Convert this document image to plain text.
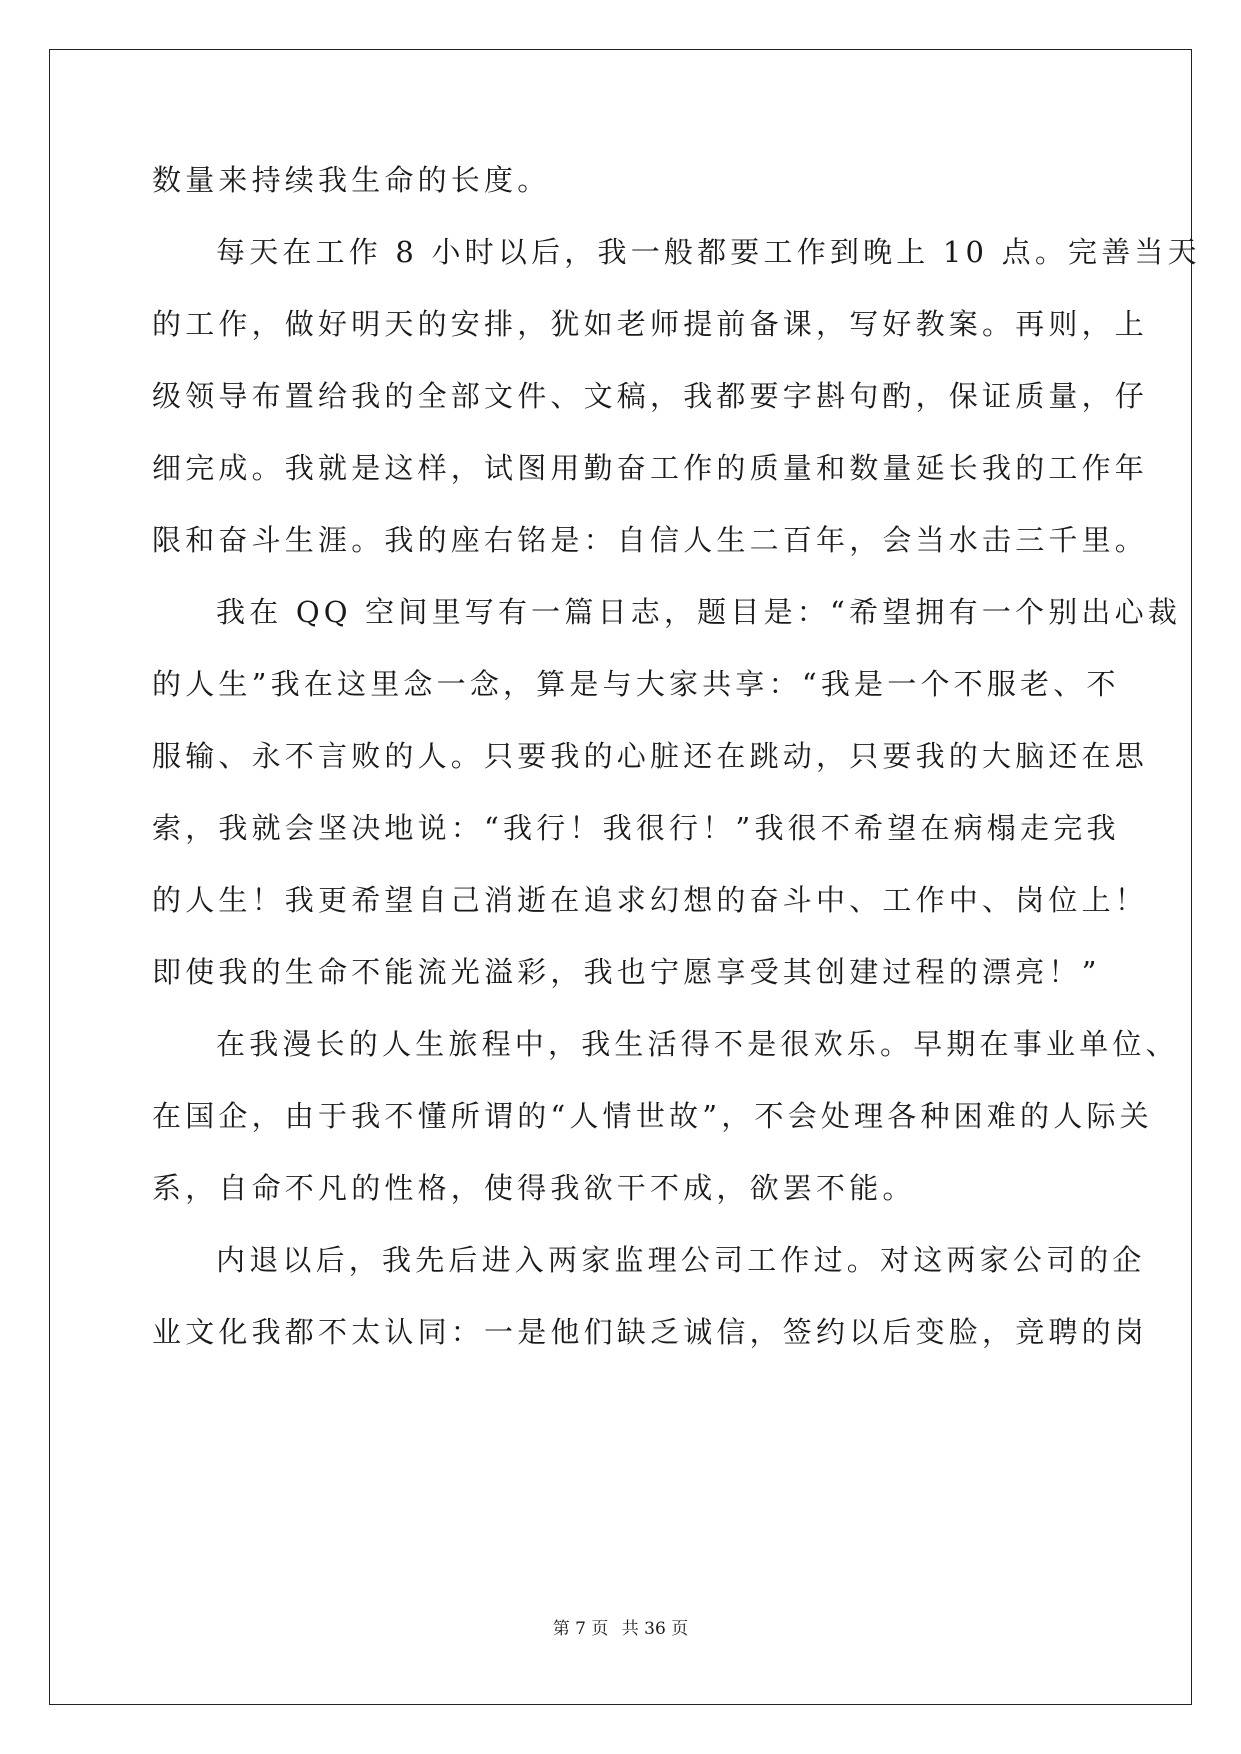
数量来持续我生命的长度。
每天在工作 8 小时以后，我一般都要工作到晚上 10 点。完善当天
的工作，做好明天的安排，犹如老师提前备课，写好教案。再则，上
级领导布置给我的全部文件、文稿，我都要字斟句酌，保证质量，仔
细完成。我就是这样，试图用勤奋工作的质量和数量延长我的工作年
限和奋斗生涯。我的座右铭是：自信人生二百年，会当水击三千里。
我在 QQ 空间里写有一篇日志，题目是：“希望拥有一个别出心裁
的人生”我在这里念一念，算是与大家共享：“我是一个不服老、不
服输、永不言败的人。只要我的心脏还在跳动，只要我的大脑还在思
索，我就会坚决地说：“我行！我很行！”我很不希望在病榻走完我
的人生！我更希望自己消逝在追求幻想的奋斗中、工作中、岗位上！
即使我的生命不能流光溢彩，我也宁愿享受其创建过程的漂亮！”
在我漫长的人生旅程中，我生活得不是很欢乐。早期在事业单位、
在国企，由于我不懂所谓的“人情世故”，不会处理各种困难的人际关
系，自命不凡的性格，使得我欲干不成，欲罢不能。
内退以后，我先后进入两家监理公司工作过。对这两家公司的企
业文化我都不太认同：一是他们缺乏诚信，签约以后变脸，竞聘的岗
第 7 页 共 36 页
